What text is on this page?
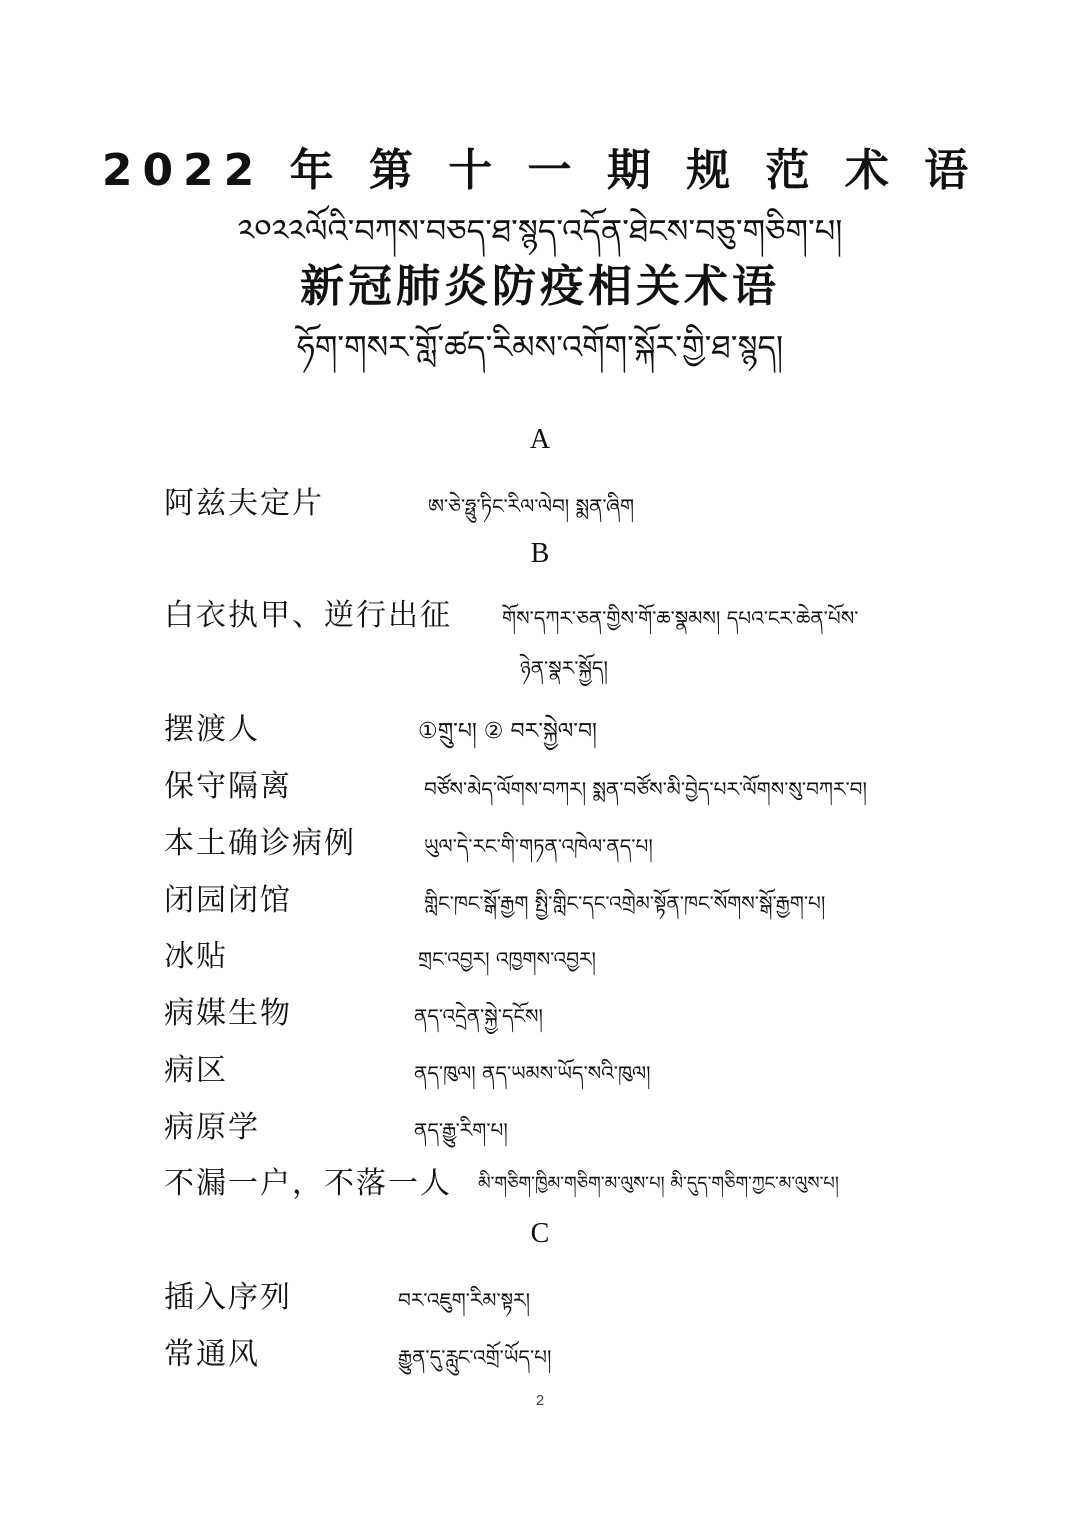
2022 年 第 十 一 期 规 范 术 语
༢༠༢༢ལོའི་བཀས་བཅད་ཐ་སྙད་འདོན་ཐེངས་བཅུ་གཅིག་པ།
新冠肺炎防疫相关术语
ཧོག་གསར་གློ་ཚད་རིམས་འགོག་སྐོར་གྱི་ཐ་སྙད།
A
阿兹夫定片	ཨ་ཅེ་ཧྥུ་ཏིང་རིལ་ལེབ། སྨན་ཞིག
B
白衣执甲、逆行出征	གོས་དཀར་ཅན་གྱིས་གོ་ཆ་སྣམས། དཔའ་ངར་ཆེན་པོས་
ཉེན་སྣར་སྐྱོད།
摆渡人	①གྲུ་པ། ② བར་སྐྱེལ་བ།
保守隔离	བཙོས་མེད་ལོགས་བཀར། སྨན་བཙོས་མི་བྱེད་པར་ལོགས་སུ་བཀར་བ།
本土确诊病例	ཡུལ་དེ་རང་གི་གཏན་འཁེལ་ནད་པ།
闭园闭馆	གླིང་ཁང་སྒོ་རྒྱག སྤྱི་གླིང་དང་འགྲེམ་སྟོན་ཁང་སོགས་སྒོ་རྒྱག་པ།
冰贴	གྲང་འབྱར། འཁྱགས་འབྱར།
病媒生物	ནད་འདྲེན་སྐྱེ་དངོས།
病区	ནད་ཁུལ། ནད་ཡམས་ཡོད་སའི་ཁུལ།
病原学	ནད་རྒྱུ་རིག་པ།
不漏一户，不落一人 མི་གཅིག་ཁྱིམ་གཅིག་མ་ལུས་པ། མི་དུད་གཅིག་ཀྱང་མ་ལུས་པ།
C
插入序列	བར་འཇུག་རིམ་སྟར།
常通风	རྒྱུན་དུ་རླུང་འགྲོ་ཡོད་པ།
2
